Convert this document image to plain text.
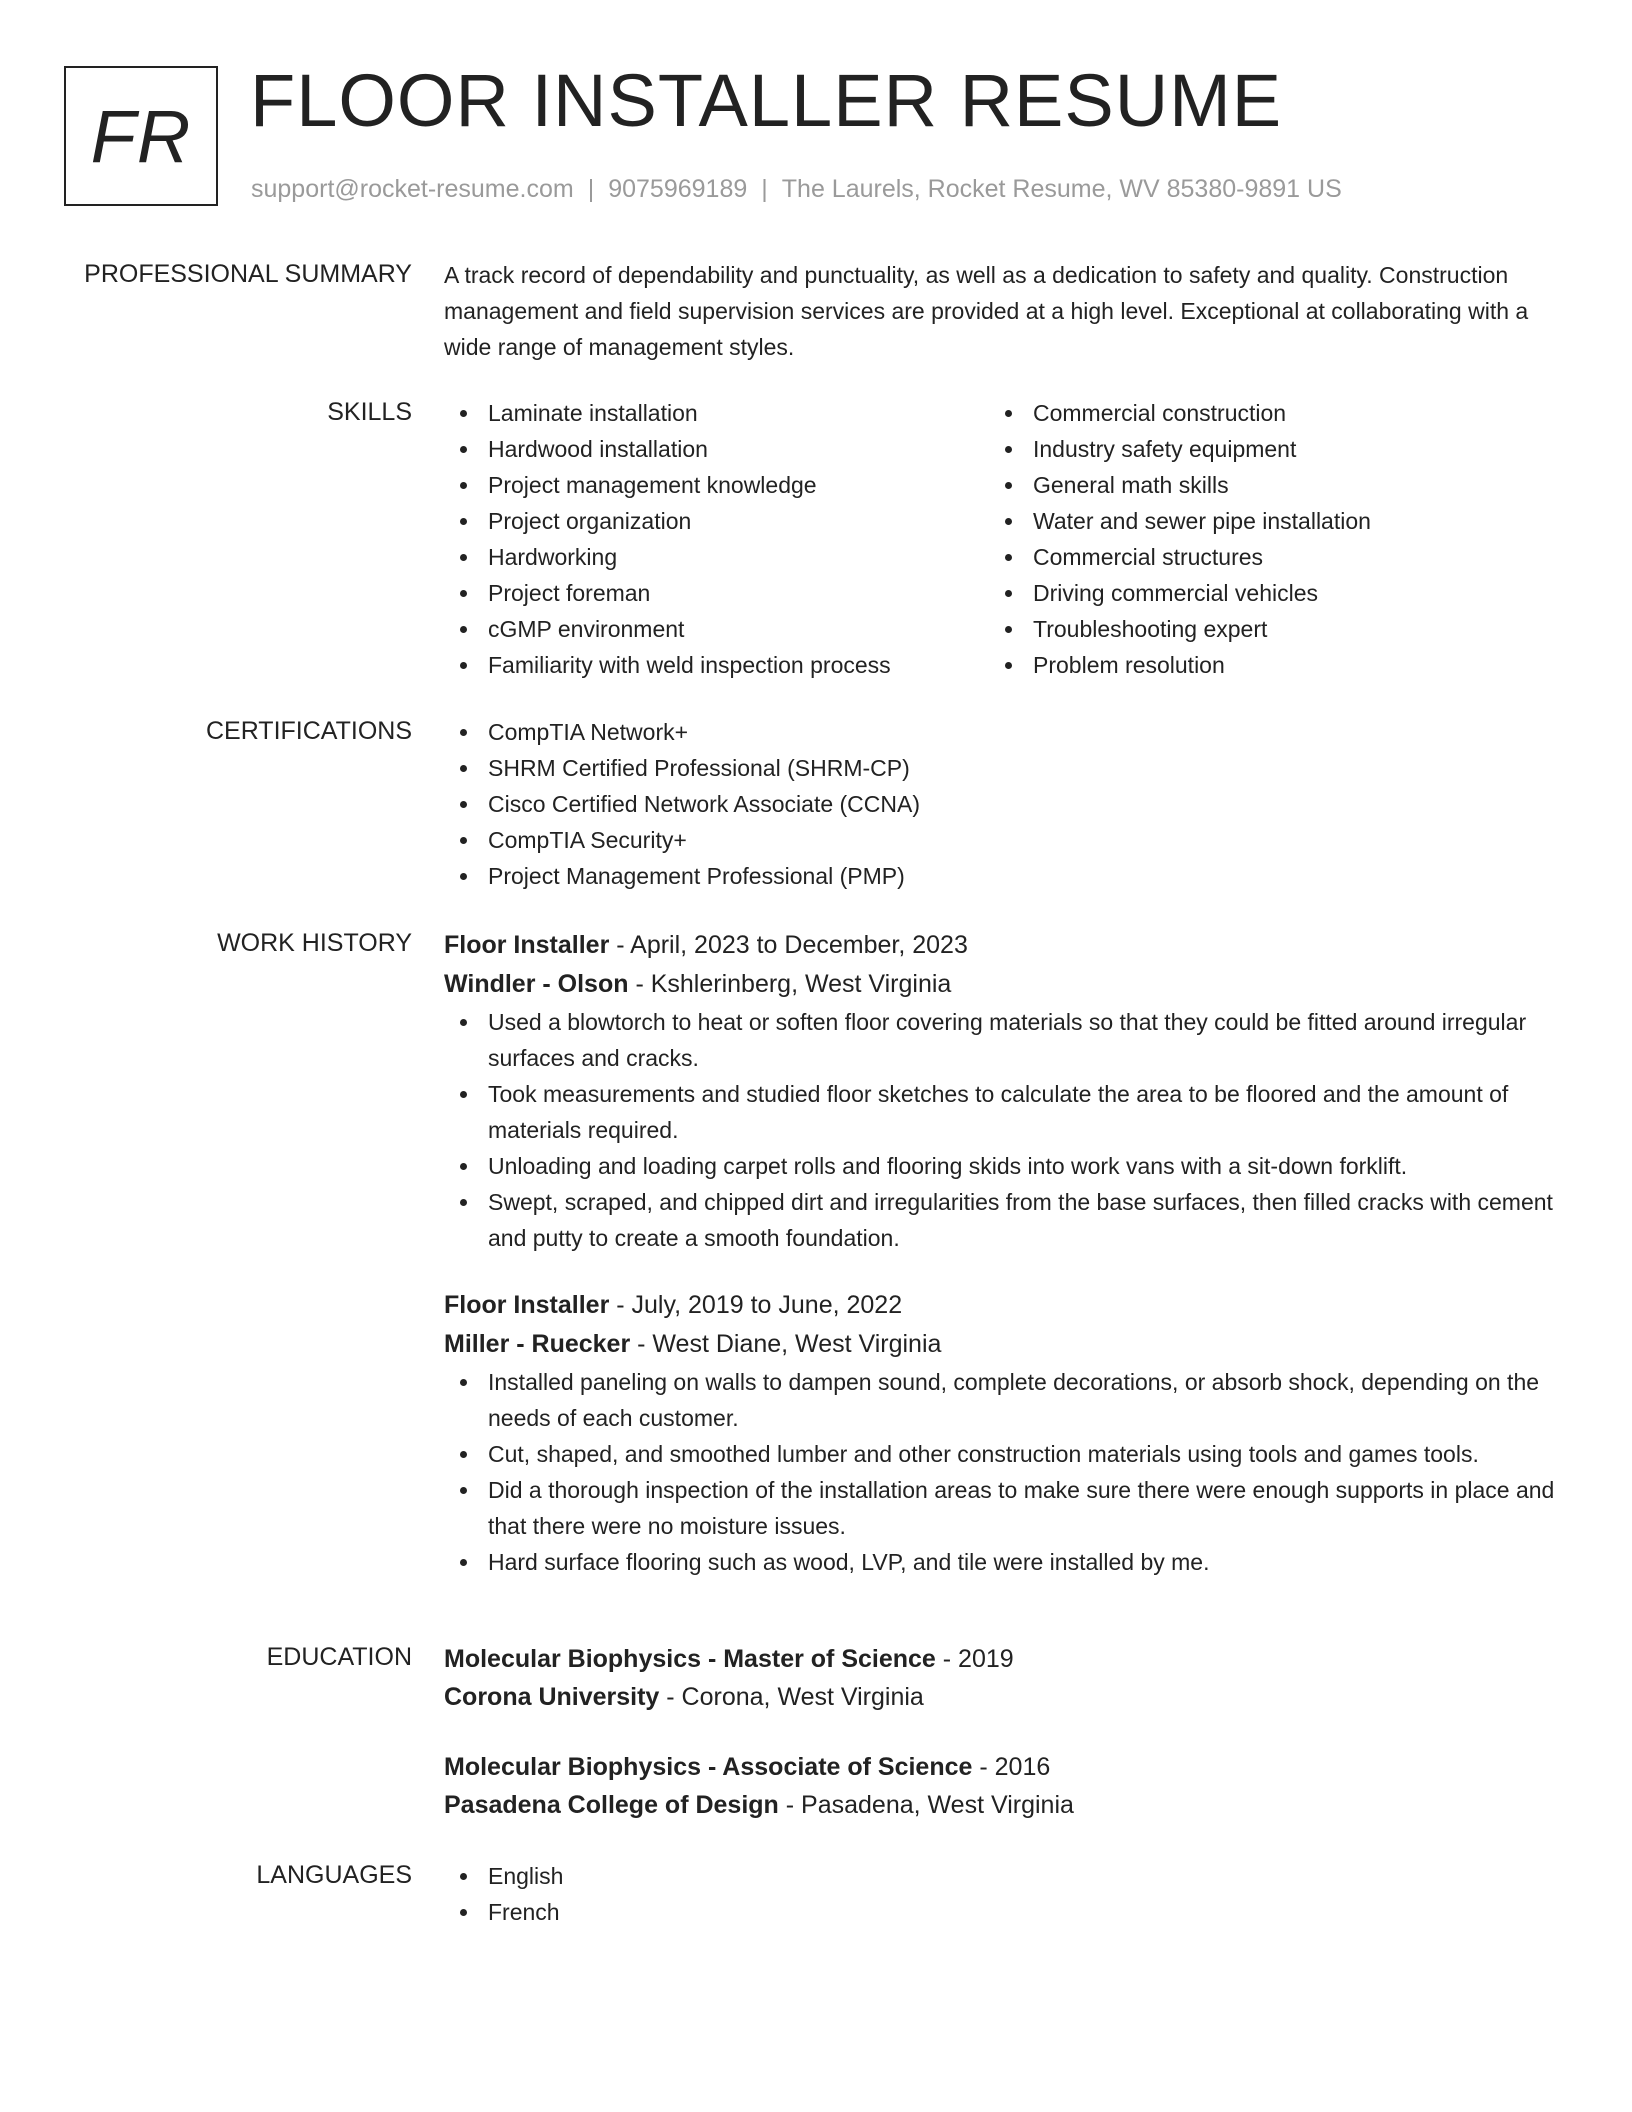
FR FLOOR INSTALLER RESUME
support@rocket-resume.com | 9075969189 | The Laurels, Rocket Resume, WV 85380-9891 US
PROFESSIONAL SUMMARY A track record of dependability and punctuality, as well as a dedication to safety and quality. Construction management and field supervision services are provided at a high level. Exceptional at collaborating with a wide range of management styles.

SKILLS	Laminate installation
Hardwood installation
Project management knowledge
Project organization
Hardworking
Project foreman
cGMP environment
Familiarity with weld inspection process
Commercial construction
Industry safety equipment
General math skills
Water and sewer pipe installation
Commercial structures
Driving commercial vehicles
Troubleshooting expert
Problem resolution
CERTIFICATIONS	CompTIA Network+
SHRM Certified Professional (SHRM-CP)
Cisco Certified Network Associate (CCNA)
CompTIA Security+
Project Management Professional (PMP)
WORK HISTORY Floor Installer - April, 2023 to December, 2023
Windler - Olson - Kshlerinberg, West Virginia
Used a blowtorch to heat or soften floor covering materials so that they could be fitted around irregular surfaces and cracks.
Took measurements and studied floor sketches to calculate the area to be floored and the amount of materials required.
Unloading and loading carpet rolls and flooring skids into work vans with a sit-down forklift.
Swept, scraped, and chipped dirt and irregularities from the base surfaces, then filled cracks with cement and putty to create a smooth foundation.
Floor Installer - July, 2019 to June, 2022
Miller - Ruecker - West Diane, West Virginia
Installed paneling on walls to dampen sound, complete decorations, or absorb shock, depending on the needs of each customer.
Cut, shaped, and smoothed lumber and other construction materials using tools and games tools.
Did a thorough inspection of the installation areas to make sure there were enough supports in place and that there were no moisture issues.
Hard surface flooring such as wood, LVP, and tile were installed by me.
EDUCATION Molecular Biophysics - Master of Science - 2019
Corona University - Corona, West Virginia
Molecular Biophysics - Associate of Science - 2016
Pasadena College of Design - Pasadena, West Virginia
LANGUAGES	English
French
